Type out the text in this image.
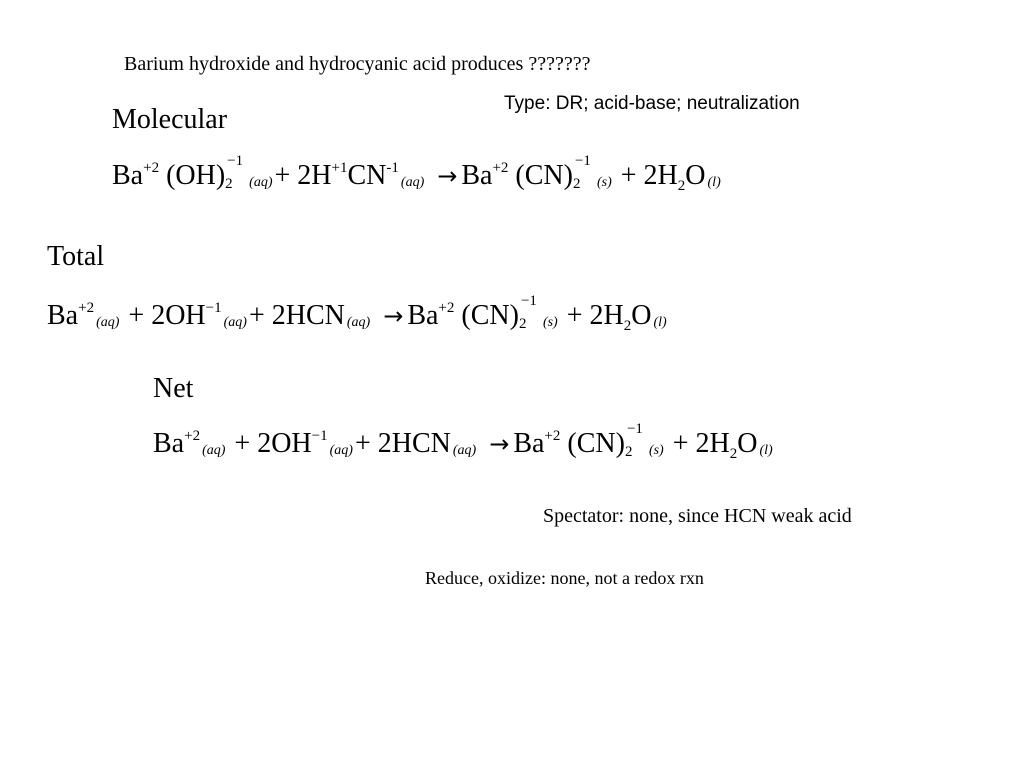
Barium hydroxide and hydrocyanic acid produces ???????
Type: DR; acid-base; neutralization
Molecular
$Ba^{+2}$ (OH) −1
2 $(aq)+ 2H^{+1}CN^{-1}(aq) \to Ba^{+2}$ (CN) −1
2 $(s) + 2H_2O$ (l)
Total
$Ba^{+2}(aq) + 2OH^{-1}(aq)+ 2HCN$ $(aq) \to Ba^{+2}$ (CN) −1
2 $(s) + 2H_2O$ (l)
Net
$Ba^{+2}(aq) + 2OH^{-1}(aq)+ 2HCN$ $(aq) \to Ba^{+2}$ (CN) −1
2 $(s) + 2H_2O$ (l)
Spectator: none, since HCN weak acid
Reduce, oxidize: none, not a redox rxn
